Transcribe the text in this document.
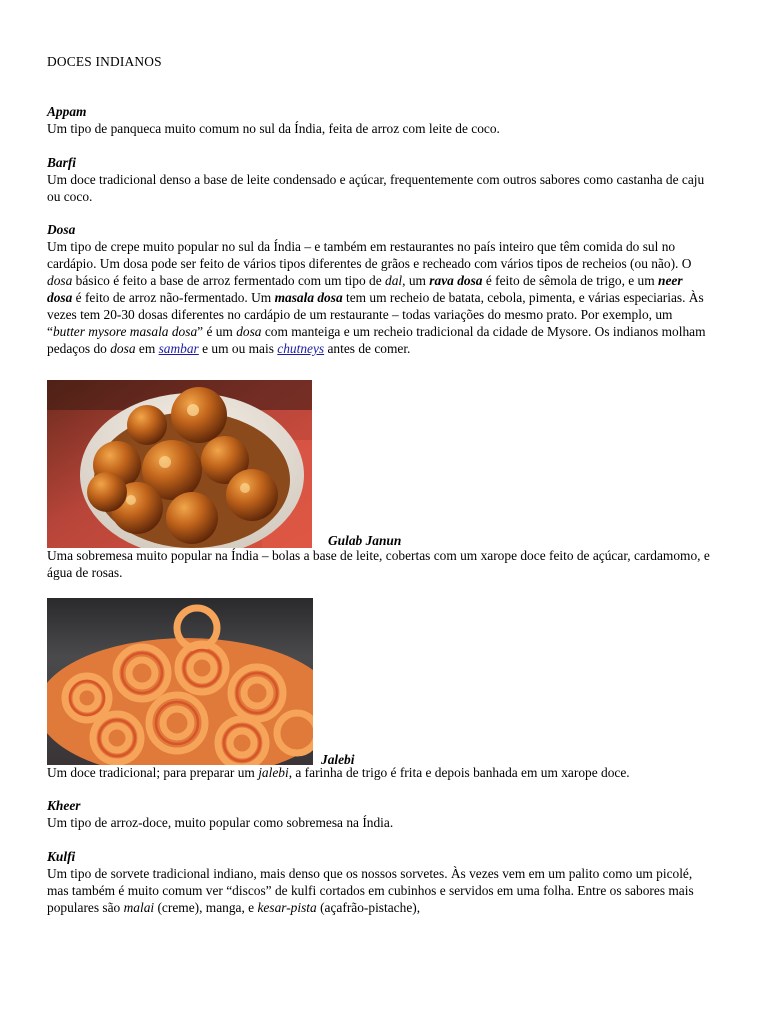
DOCES INDIANOS

Appam

Um tipo de panqueca muito comum no sul da Índia, feita de arroz com leite de coco.

Barfi

Um doce tradicional denso a base de leite condensado e açúcar, frequentemente com outros sabores como castanha de caju ou coco.

Dosa

Um tipo de crepe muito popular no sul da Índia – e também em restaurantes no país inteiro que têm comida do sul no cardápio. Um dosa pode ser feito de vários tipos diferentes de grãos e recheado com vários tipos de recheios (ou não). O dosa básico é feito a base de arroz fermentado com um tipo de dal, um rava dosa é feito de sêmola de trigo, e um neer dosa é feito de arroz não-fermentado. Um masala dosa tem um recheio de batata, cebola, pimenta, e várias especiarias. Às vezes tem 20-30 dosas diferentes no cardápio de um restaurante – todas variações do mesmo prato. Por exemplo, um “butter mysore masala dosa” é um dosa com manteiga e um recheio tradicional da cidade de Mysore. Os indianos molham pedaços do dosa em sambar e um ou mais chutneys antes de comer.

Gulab Janun

Uma sobremesa muito popular na Índia – bolas a base de leite, cobertas com um xarope doce feito de açúcar, cardamomo, e água de rosas.

Jalebi

Um doce tradicional; para preparar um jalebi, a farinha de trigo é frita e depois banhada em um xarope doce.

Kheer

Um tipo de arroz-doce, muito popular como sobremesa na Índia.

Kulfi

Um tipo de sorvete tradicional indiano, mais denso que os nossos sorvetes. Às vezes vem em um palito como um picolé, mas também é muito comum ver “discos” de kulfi cortados em cubinhos e servidos em uma folha. Entre os sabores mais populares são malai (creme), manga, e kesar-pista (açafrão-pistache),
